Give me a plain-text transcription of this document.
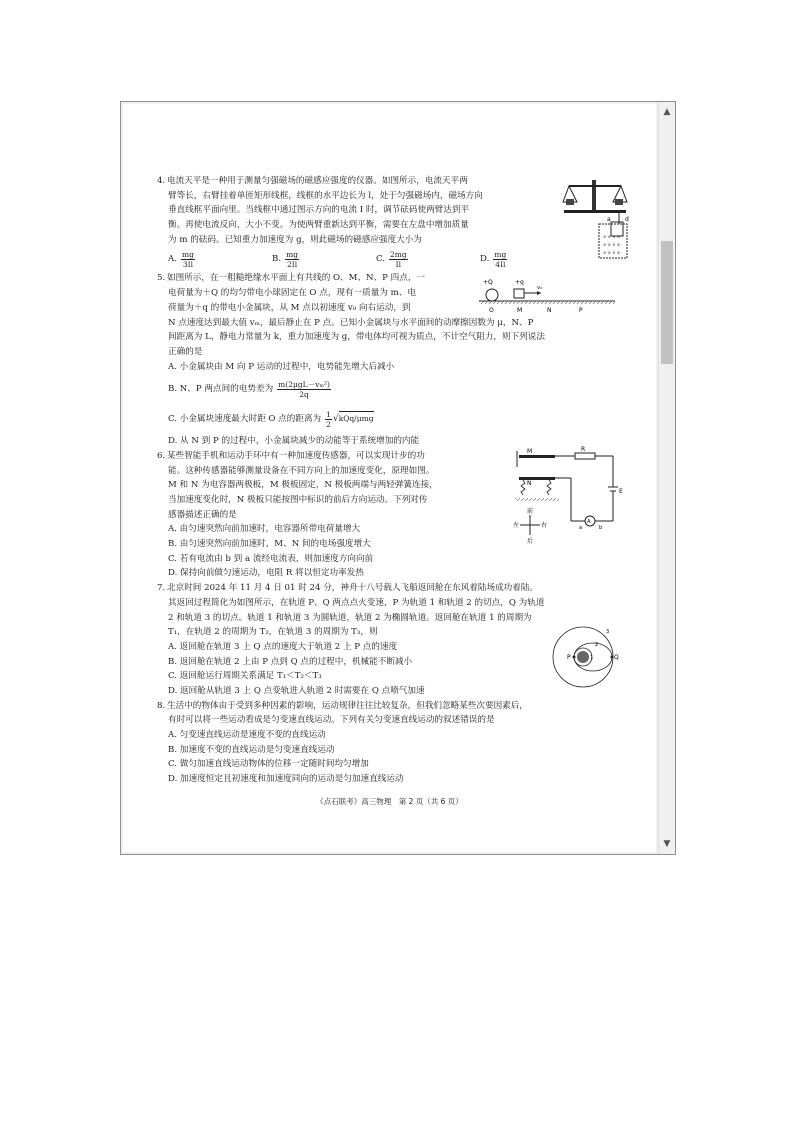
4. 电流天平是一种用于测量匀强磁场的磁感应强度的仪器。如图所示，电流天平两
臂等长，右臂挂着单匝矩形线框，线框的水平边长为 l，处于匀强磁场内，磁场方向
垂直线框平面向里。当线框中通过图示方向的电流 I 时，调节砝码使两臂达到平
衡。再使电流反向，大小不变。为使两臂重新达到平衡，需要在左盘中增加质量
为 m 的砝码。已知重力加速度为 g，则此磁场的磁感应强度大小为
A. $\frac{mg}{3Il}$	B. $\frac{mg}{2Il}$	C. $\frac{2mg}{Il}$	D. $\frac{mg}{4Il}$
5. 如图所示，在一粗糙绝缘水平面上有共线的 O、M、N、P 四点，一
电荷量为＋Q 的均匀带电小球固定在 O 点，现有一质量为 m、电
荷量为＋q 的带电小金属块，从 M 点以初速度 v₀ 向右运动，到
N 点速度达到最大值 vₘ，最后静止在 P 点。已知小金属块与水平面间的动摩擦因数为 μ，N、P
间距离为 L，静电力常量为 k，重力加速度为 g，带电体均可视为质点，不计空气阻力，则下列说法
正确的是
A. 小金属块由 M 向 P 运动的过程中，电势能先增大后减小
B. N、P 两点间的电势差为 $\frac{\text{m(2μgL－vₘ²)}}{2q}$
C. 小金属块速度最大时距 O 点的距离为 $\frac{1}{2}$ √ kQq/μmg
D. 从 N 到 P 的过程中，小金属块减少的动能等于系统增加的内能
6. 某些智能手机和运动手环中有一种加速度传感器，可以实现计步的功
能。这种传感器能够测量设备在不同方向上的加速度变化，原理如图。
M 和 N 为电容器两极板，M 极板固定，N 极板两端与两轻弹簧连接，
当加速度变化时，N 极板只能按图中标识的前后方向运动。下列对传
感器描述正确的是
A. 由匀速突然向前加速时，电容器所带电荷量增大
B. 由匀速突然向前加速时，M、N 间的电场强度增大
C. 若有电流由 b 到 a 流经电流表，则加速度方向向前
D. 保持向前做匀速运动，电阻 R 将以恒定功率发热
7. 北京时间 2024 年 11 月 4 日 01 时 24 分，神舟十八号载人飞船返回舱在东风着陆场成功着陆。
其返回过程简化为如图所示，在轨道 P、Q 两点点火变速，P 为轨道 1 和轨道 2 的切点，Q 为轨道
2 和轨道 3 的切点。轨道 1 和轨道 3 为圆轨道，轨道 2 为椭圆轨道。返回舱在轨道 1 的周期为
T₁，在轨道 2 的周期为 T₂，在轨道 3 的周期为 T₃，则
A. 返回舱在轨道 3 上 Q 点的速度大于轨道 2 上 P 点的速度
B. 返回舱在轨道 2 上由 P 点到 Q 点的过程中，机械能不断减小
C. 返回舱运行周期关系满足 T₁＜T₂＜T₃
D. 返回舱从轨道 3 上 Q 点变轨进入轨道 2 时需要在 Q 点喷气加速
8. 生活中的物体由于受到多种因素的影响，运动规律往往比较复杂，但我们忽略某些次要因素后，
有时可以将一些运动看成是匀变速直线运动。下列有关匀变速直线运动的叙述错误的是
A. 匀变速直线运动是速度不变的直线运动
B. 加速度不变的直线运动是匀变速直线运动
C. 做匀加速直线运动物体的位移一定随时间均匀增加
D. 加速度恒定且初速度和加速度同向的运动是匀加速直线运动
a d
× × × ×
× × × ×
× × × ×
+Q	+q
v₀
O	M	N	P
M	R
E
N
A
a	b
前
左	右
后
P	Q
1
2
3
《点石联考》高三物理　第 2 页（共 6 页）
▲
▼
